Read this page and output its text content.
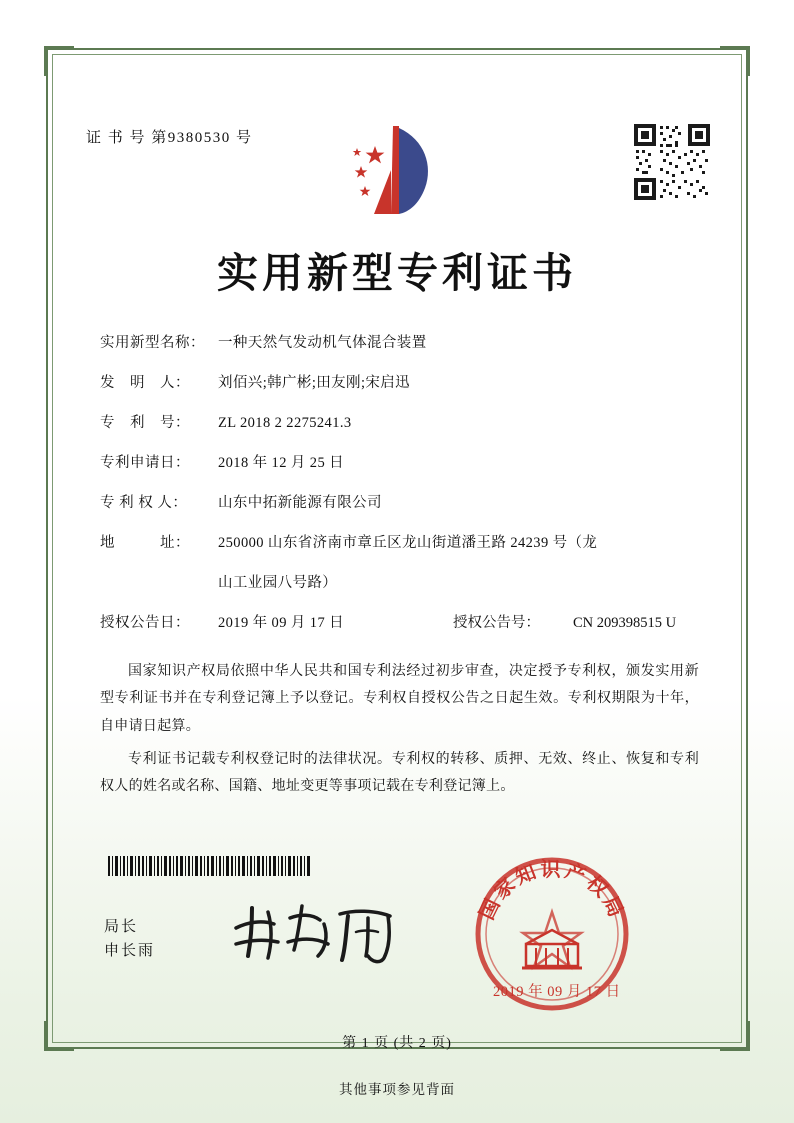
证 书 号 第9380530 号
实用新型专利证书
实用新型名称： 一种天然气发动机气体混合装置
发　明　人：	刘佰兴;韩广彬;田友刚;宋启迅
专　利　号：	ZL 2018 2 2275241.3
专利申请日：	2018 年 12 月 25 日
专 利 权 人：	山东中拓新能源有限公司
地　　　址：	250000 山东省济南市章丘区龙山街道潘王路 24239 号（龙
山工业园八号路）
授权公告日：	2019 年 09 月 17 日	授权公告号：	CN 209398515 U

国家知识产权局依照中华人民共和国专利法经过初步审查，决定授予专利权，颁发实用新型专利证书并在专利登记簿上予以登记。专利权自授权公告之日起生效。专利权期限为十年，自申请日起算。

专利证书记载专利权登记时的法律状况。专利权的转移、质押、无效、终止、恢复和专利权人的姓名或名称、国籍、地址变更等事项记载在专利登记簿上。

局长
申长雨
国家知识产权局
2019 年 09 月 17 日
第 1 页 (共 2 页)
其他事项参见背面
